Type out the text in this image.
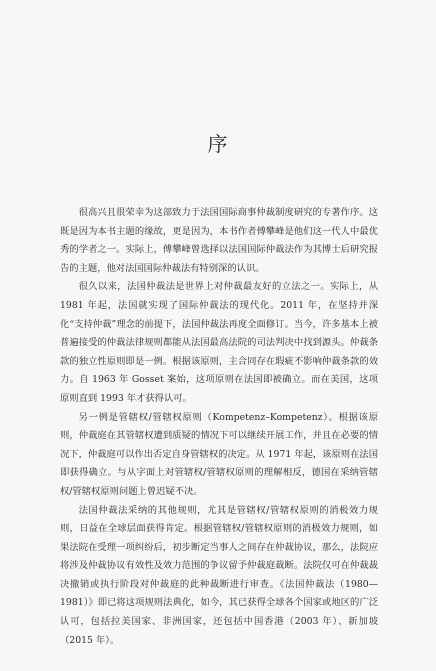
序

很高兴且很荣幸为这部致力于法国国际商事仲裁制度研究的专著作序。这既是因为本书主题的缘故，更是因为，本书作者傅攀峰是他们这一代人中最优秀的学者之一。实际上，傅攀峰曾选择以法国国际仲裁法作为其博士后研究报告的主题，他对法国国际仲裁法有特别深的认识。

很久以来，法国仲裁法是世界上对仲裁最友好的立法之一。实际上，从 1981 年起，法国就实现了国际仲裁法的现代化。2011 年，在坚持并深化“支持仲裁”理念的前提下，法国仲裁法再度全面修订。当今，许多基本上被普遍接受的仲裁法律规则都能从法国最高法院的司法判决中找到源头。仲裁条款的独立性原则即是一例。根据该原则，主合同存在瑕疵不影响仲裁条款的效力。自 1963 年 Gosset 案始，这项原则在法国即被确立。而在美国，这项原则直到 1993 年才获得认可。

另一例是管辖权/管辖权原则（Kompetenz–Kompetenz）。根据该原则，仲裁庭在其管辖权遭到质疑的情况下可以继续开展工作，并且在必要的情况下，仲裁庭可以作出否定自身管辖权的决定。从 1971 年起，该原则在法国即获得确立。与从字面上对管辖权/管辖权原则的理解相反，德国在采纳管辖权/管辖权原则问题上曾迟疑不决。

法国仲裁法采纳的其他规则，尤其是管辖权/管辖权原则的消极效力规则，日益在全球层面获得肯定。根据管辖权/管辖权原则的消极效力规则，如果法院在受理一项纠纷后，初步断定当事人之间存在仲裁协议，那么，法院应将涉及仲裁协议有效性及效力范围的争议留予仲裁庭裁断。法院仅可在仲裁裁决撤销或执行阶段对仲裁庭的此种裁断进行审查。《法国仲裁法（1980—1981）》即已将这项规则法典化，如今，其已获得全球各个国家或地区的广泛认可，包括拉美国家、非洲国家，还包括中国香港（2003 年）、新加坡（2015 年）。
